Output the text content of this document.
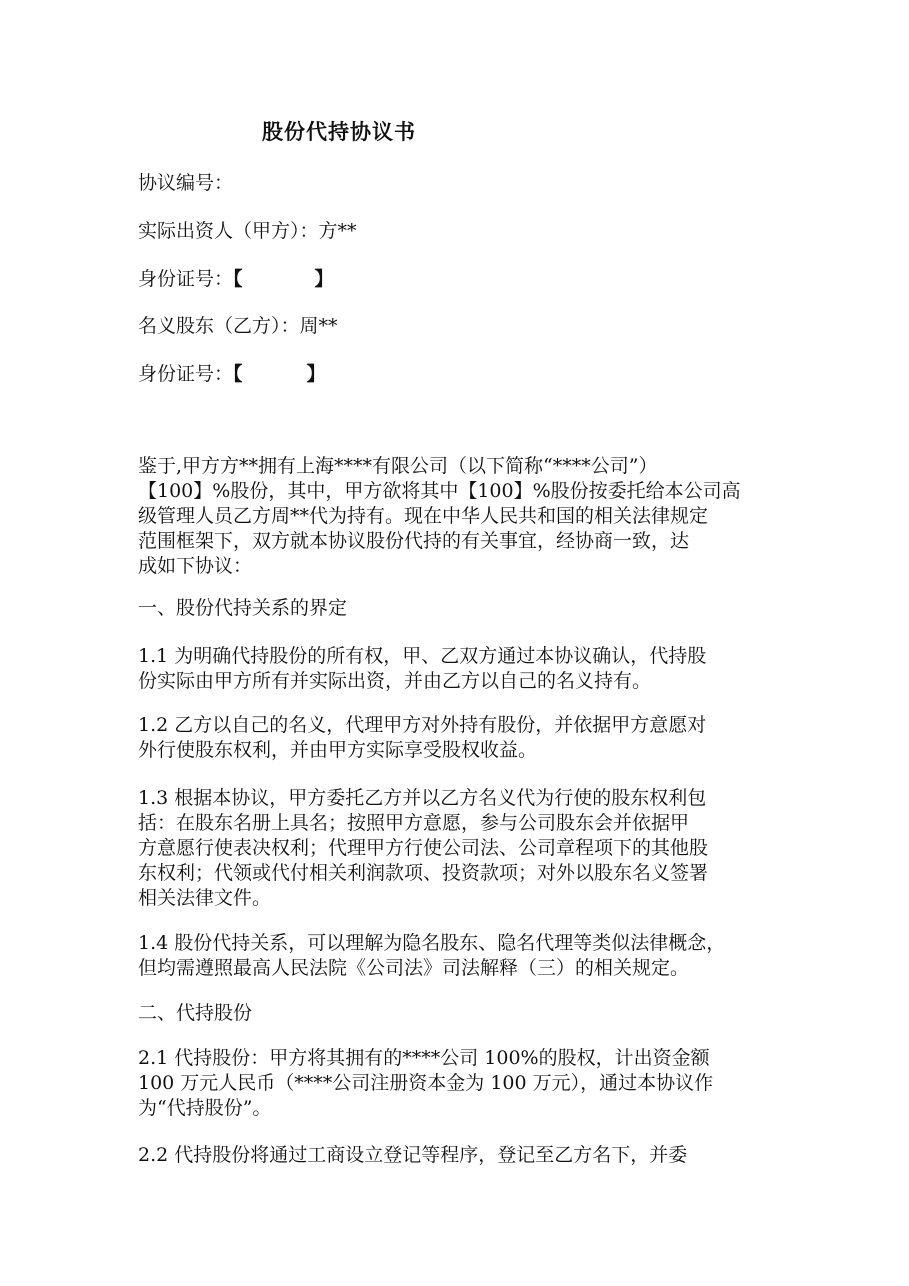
股份代持协议书

协议编号：

实际出资人（甲方）：方**

身份证号：【	】

名义股东（乙方）：周**

身份证号：【	】

鉴于,甲方方**拥有上海****有限公司（以下简称“****公司”）
【100】%股份，其中，甲方欲将其中【100】%股份按委托给本公司高
级管理人员乙方周**代为持有。现在中华人民共和国的相关法律规定
范围框架下，双方就本协议股份代持的有关事宜，经协商一致，达
成如下协议：
一、股份代持关系的界定
1.1 为明确代持股份的所有权，甲、乙双方通过本协议确认，代持股
份实际由甲方所有并实际出资，并由乙方以自己的名义持有。
1.2 乙方以自己的名义，代理甲方对外持有股份，并依据甲方意愿对
外行使股东权利，并由甲方实际享受股权收益。
1.3 根据本协议，甲方委托乙方并以乙方名义代为行使的股东权利包
括：在股东名册上具名；按照甲方意愿，参与公司股东会并依据甲
方意愿行使表决权利；代理甲方行使公司法、公司章程项下的其他股
东权利；代领或代付相关利润款项、投资款项；对外以股东名义签署
相关法律文件。
1.4 股份代持关系，可以理解为隐名股东、隐名代理等类似法律概念，
但均需遵照最高人民法院《公司法》司法解释（三）的相关规定。
二、代持股份
2.1 代持股份：甲方将其拥有的****公司 100%的股权，计出资金额
100 万元人民币（****公司注册资本金为 100 万元），通过本协议作
为“代持股份”。
2.2 代持股份将通过工商设立登记等程序，登记至乙方名下，并委
